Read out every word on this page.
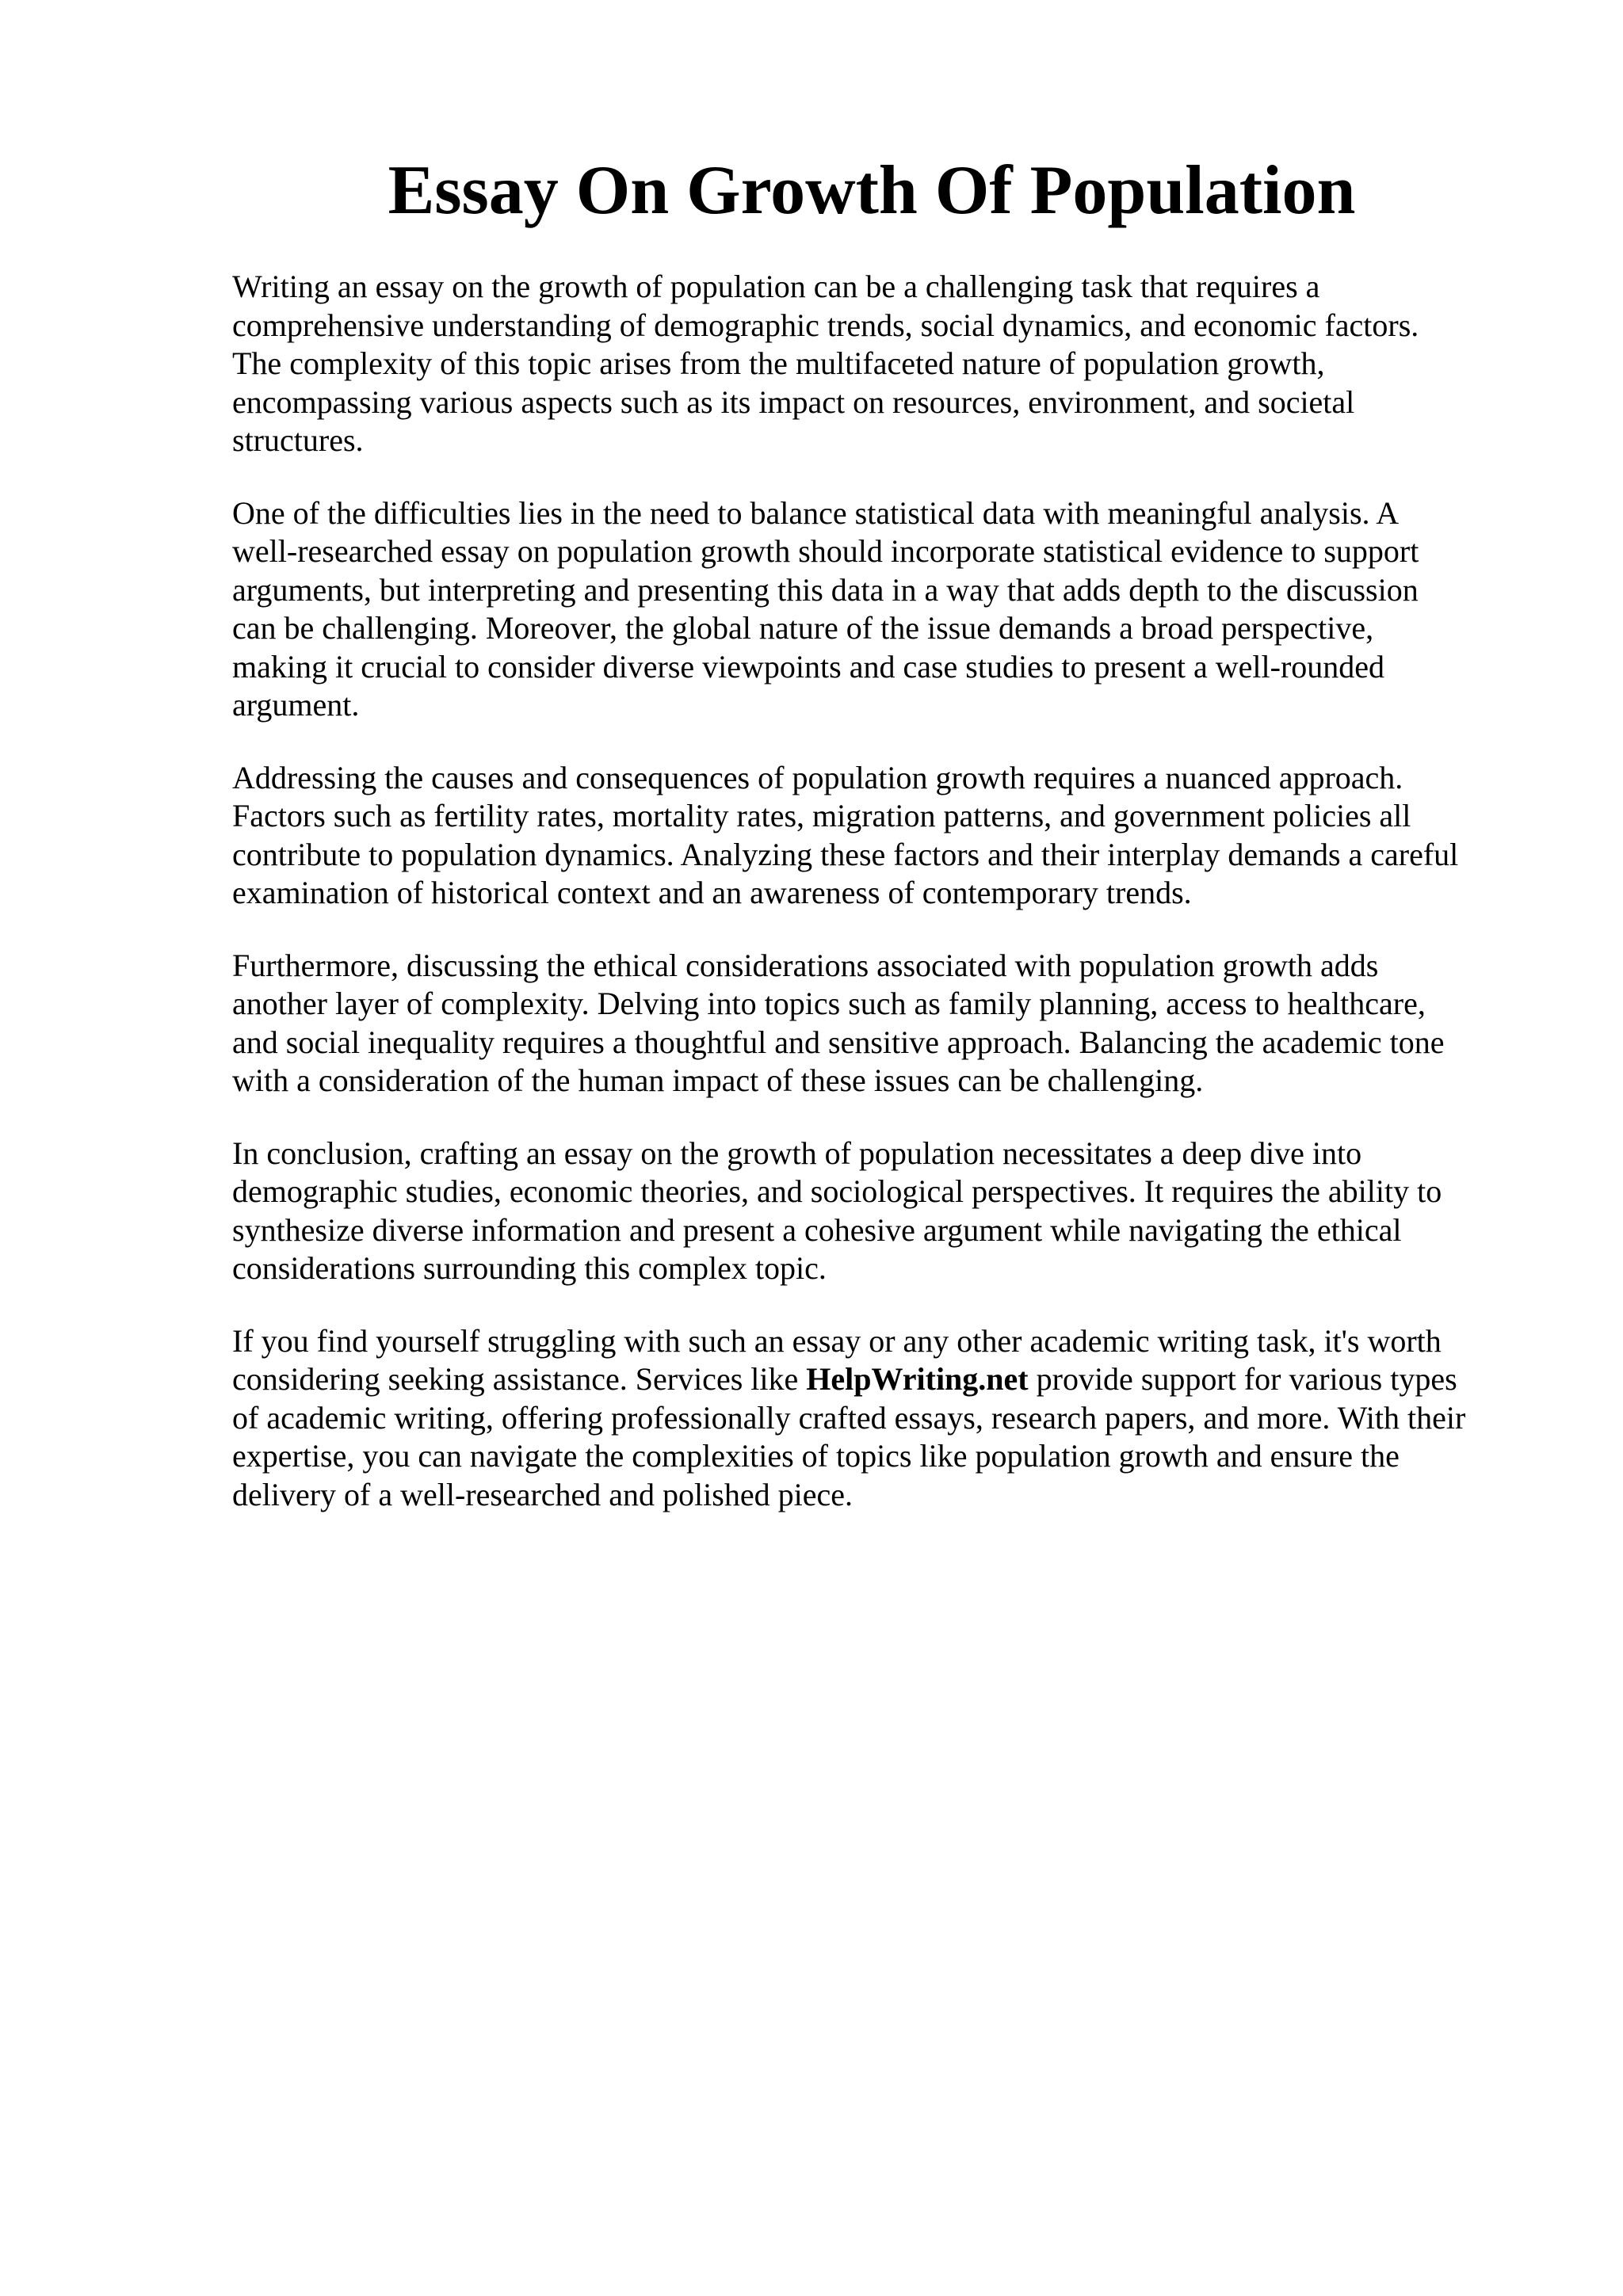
Essay On Growth Of Population

Writing an essay on the growth of population can be a challenging task that requires a
comprehensive understanding of demographic trends, social dynamics, and economic factors.
The complexity of this topic arises from the multifaceted nature of population growth,
encompassing various aspects such as its impact on resources, environment, and societal
structures.

One of the difficulties lies in the need to balance statistical data with meaningful analysis. A
well-researched essay on population growth should incorporate statistical evidence to support
arguments, but interpreting and presenting this data in a way that adds depth to the discussion
can be challenging. Moreover, the global nature of the issue demands a broad perspective,
making it crucial to consider diverse viewpoints and case studies to present a well-rounded
argument.

Addressing the causes and consequences of population growth requires a nuanced approach.
Factors such as fertility rates, mortality rates, migration patterns, and government policies all
contribute to population dynamics. Analyzing these factors and their interplay demands a careful
examination of historical context and an awareness of contemporary trends.

Furthermore, discussing the ethical considerations associated with population growth adds
another layer of complexity. Delving into topics such as family planning, access to healthcare,
and social inequality requires a thoughtful and sensitive approach. Balancing the academic tone
with a consideration of the human impact of these issues can be challenging.

In conclusion, crafting an essay on the growth of population necessitates a deep dive into
demographic studies, economic theories, and sociological perspectives. It requires the ability to
synthesize diverse information and present a cohesive argument while navigating the ethical
considerations surrounding this complex topic.

If you find yourself struggling with such an essay or any other academic writing task, it's worth
considering seeking assistance. Services like HelpWriting.net provide support for various types
of academic writing, offering professionally crafted essays, research papers, and more. With their
expertise, you can navigate the complexities of topics like population growth and ensure the
delivery of a well-researched and polished piece.
